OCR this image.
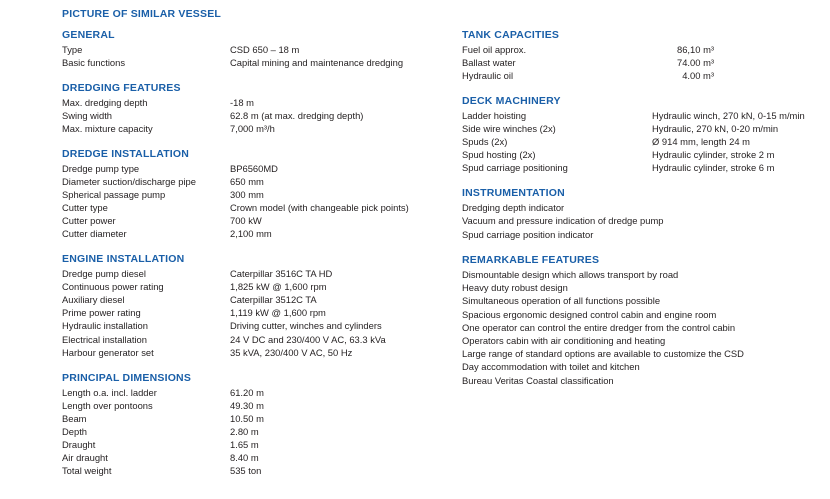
PICTURE OF SIMILAR VESSEL
GENERAL
Type	CSD 650 – 18 m
Basic functions	Capital mining and maintenance dredging
DREDGING FEATURES
Max. dredging depth	-18 m
Swing width	62.8 m (at max. dredging depth)
Max. mixture capacity	7,000 m³/h
DREDGE INSTALLATION
Dredge pump type	BP6560MD
Diameter suction/discharge pipe	650 mm
Spherical passage pump	300 mm
Cutter type	Crown model (with changeable pick points)
Cutter power	700 kW
Cutter diameter	2,100 mm
ENGINE INSTALLATION
Dredge pump diesel	Caterpillar 3516C TA HD
Continuous power rating	1,825 kW @ 1,600 rpm
Auxiliary diesel	Caterpillar 3512C TA
Prime power rating	1,119 kW @ 1,600 rpm
Hydraulic installation	Driving cutter, winches and cylinders
Electrical installation	24 V DC and 230/400 V AC, 63.3 kVa
Harbour generator set	35 kVA, 230/400 V AC, 50 Hz
PRINCIPAL DIMENSIONS
Length o.a. incl. ladder	61.20 m
Length over pontoons	49.30 m
Beam	10.50 m
Depth	2.80 m
Draught	1.65 m
Air draught	8.40 m
Total weight	535 ton
TANK CAPACITIES
Fuel oil approx.	86,10 m³
Ballast water	74.00 m³
Hydraulic oil	4.00 m³
DECK MACHINERY
Ladder hoisting	Hydraulic winch, 270 kN, 0-15 m/min
Side wire winches (2x)	Hydraulic, 270 kN, 0-20 m/min
Spuds (2x)	Ø 914 mm, length 24 m
Spud hosting (2x)	Hydraulic cylinder, stroke 2 m
Spud carriage positioning	Hydraulic cylinder, stroke 6 m
INSTRUMENTATION
Dredging depth indicator
Vacuum and pressure indication of dredge pump
Spud carriage position indicator
REMARKABLE FEATURES
Dismountable design which allows transport by road
Heavy duty robust design
Simultaneous operation of all functions possible
Spacious ergonomic designed control cabin and engine room
One operator can control the entire dredger from the control cabin
Operators cabin with air conditioning and heating
Large range of standard options are available to customize the CSD
Day accommodation with toilet and kitchen
Bureau Veritas Coastal classification
